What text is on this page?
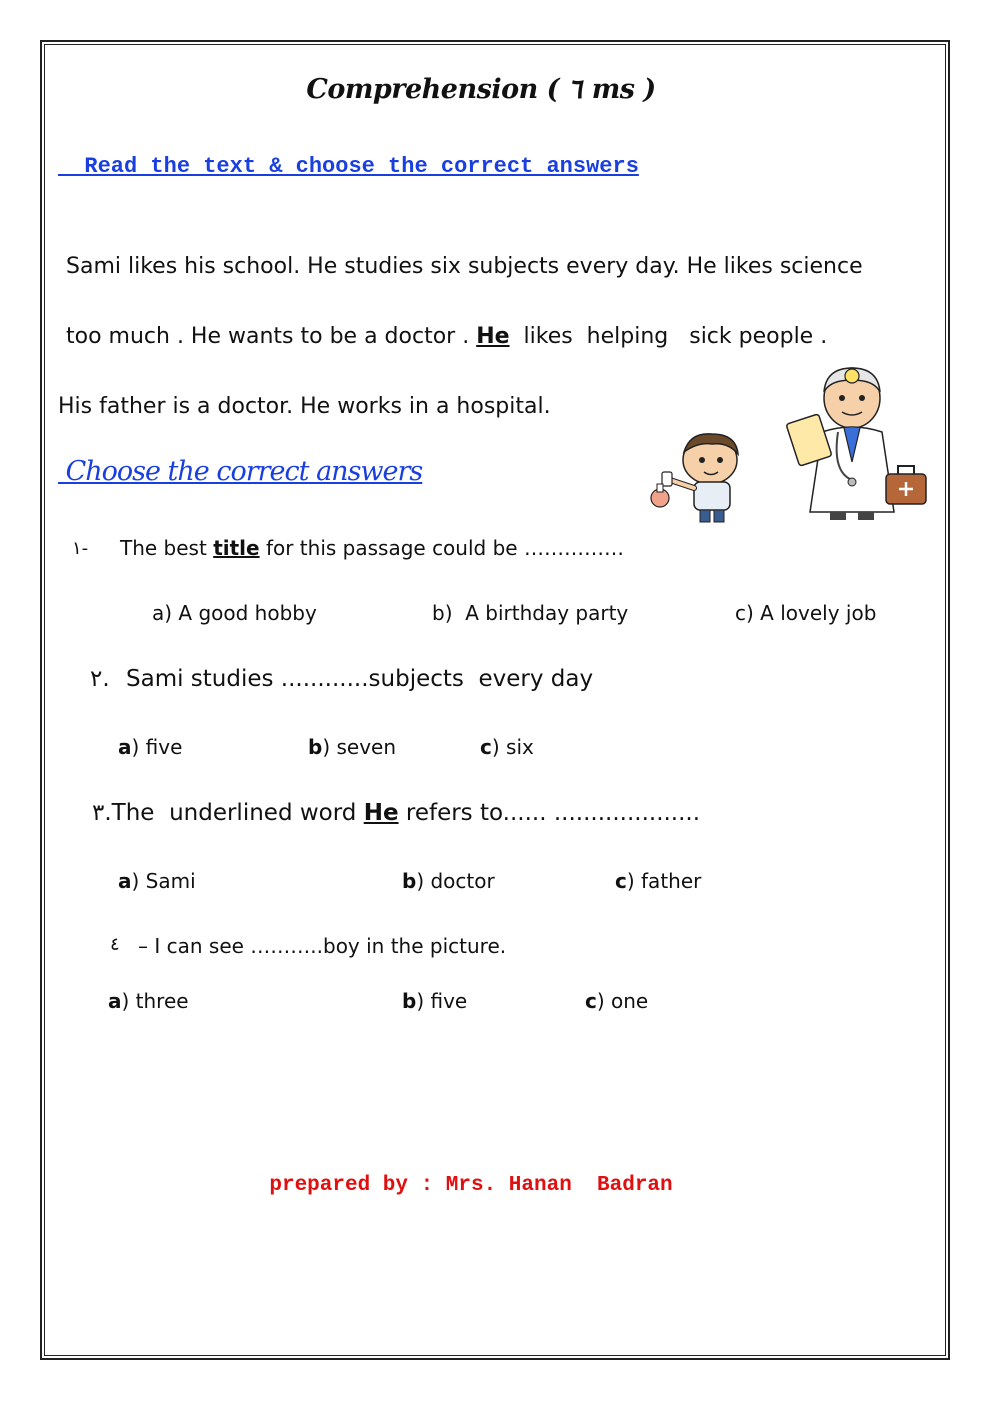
Comprehension ( ٦ ms )
Read the text & choose the correct answers
Sami likes his school. He studies six subjects every day. He likes science
too much . He wants to be a doctor . He  likes  helping   sick people .
His father is a doctor. He works in a hospital.
Choose the correct answers
١- The best title for this passage could be ……………
a) A good hobby	b)  A birthday party	c) A lovely job
٢. Sami studies ............subjects  every day
a) five	b) seven	c) six
٣.The  underlined word He refers to...... ....................
a) Sami	b) doctor	c) father
٤ – I can see ………..boy in the picture.
a) three	b) five	c) one
prepared by : Mrs. Hanan  Badran
